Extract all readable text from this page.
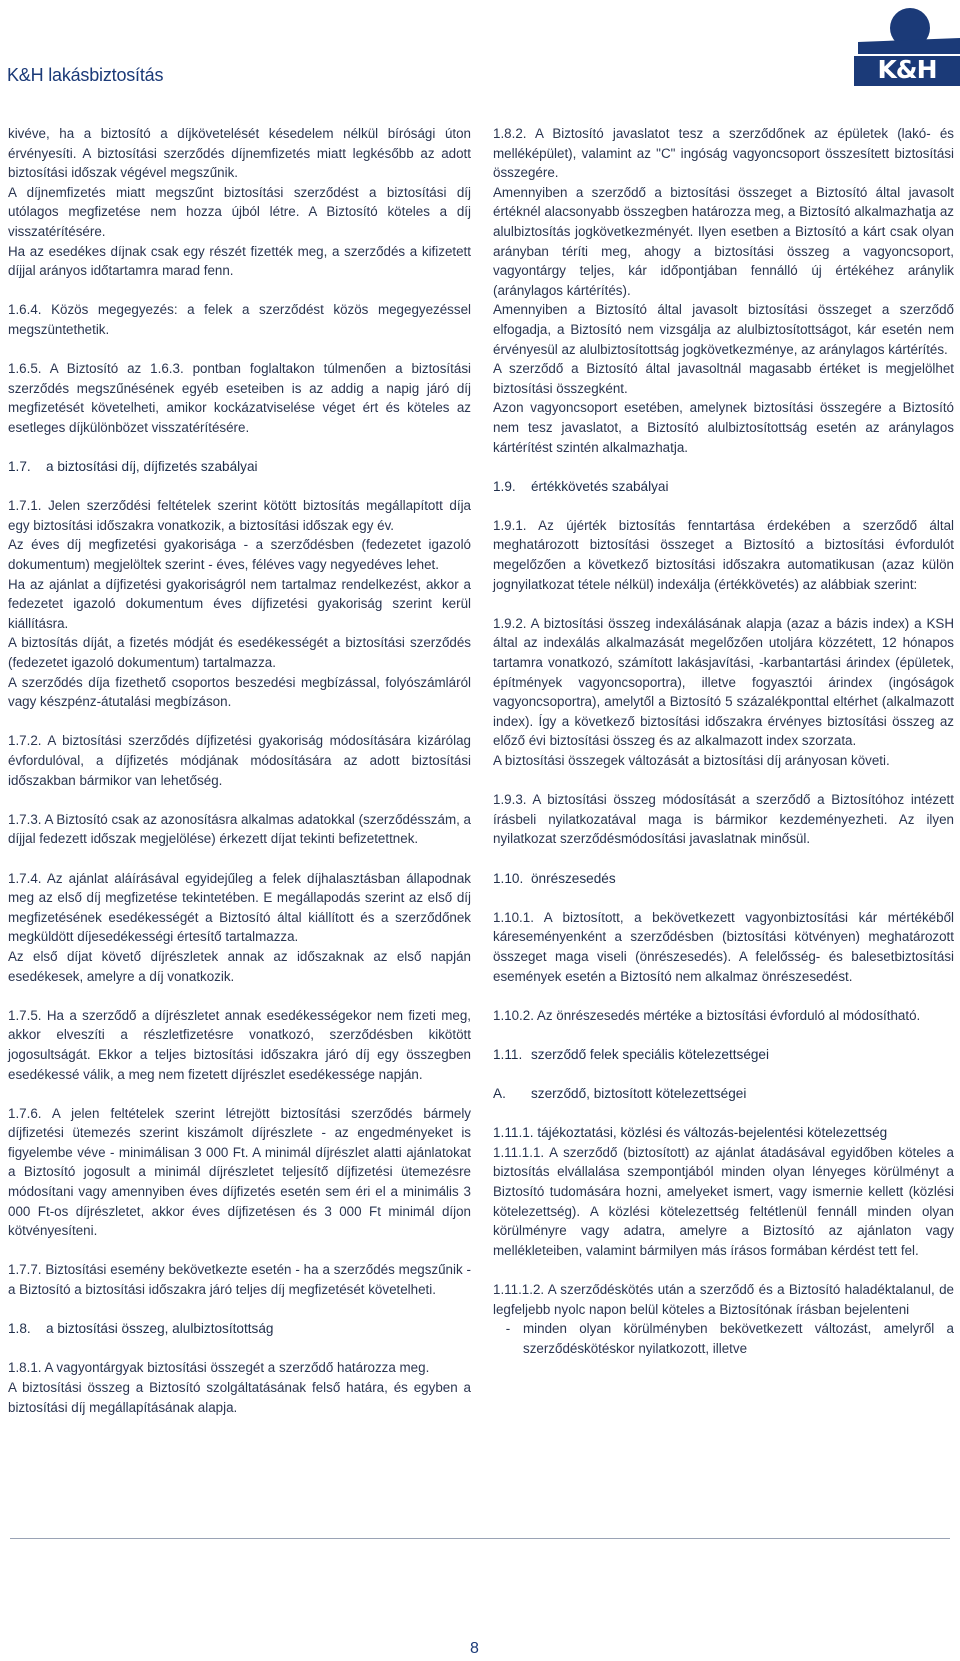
K&H lakásbiztosítás	K&H

kivéve, ha a biztosító a díjkövetelését késedelem nélkül bírósági úton érvényesíti. A biztosítási szerződés díjnemfizetés miatt legkésőbb az adott biztosítási időszak végével megszűnik.

A díjnemfizetés miatt megszűnt biztosítási szerződést a biztosítási díj utólagos megfizetése nem hozza újból létre. A Biztosító köteles a díj visszatérítésére.

Ha az esedékes díjnak csak egy részét fizették meg, a szerződés a kifizetett díjjal arányos időtartamra marad fenn.

1.6.4. Közös megegyezés: a felek a szerződést közös megegyezéssel megszüntethetik.

1.6.5. A Biztosító az 1.6.3. pontban foglaltakon túlmenően a biztosítási szerződés megszűnésének egyéb eseteiben is az addig a napig járó díj megfizetését követelheti, amikor kockázatviselése véget ért és köteles az esetleges díjkülönbözet visszatérítésére.

1.7. a biztosítási díj, díjfizetés szabályai

1.7.1. Jelen szerződési feltételek szerint kötött biztosítás megállapított díja egy biztosítási időszakra vonatkozik, a biztosítási időszak egy év.

Az éves díj megfizetési gyakorisága - a szerződésben (fedezetet igazoló dokumentum) megjelöltek szerint - éves, féléves vagy negyedéves lehet.

Ha az ajánlat a díjfizetési gyakoriságról nem tartalmaz rendelkezést, akkor a fedezetet igazoló dokumentum éves díjfizetési gyakoriság szerint kerül kiállításra.

A biztosítás díját, a fizetés módját és esedékességét a biztosítási szerződés (fedezetet igazoló dokumentum) tartalmazza.

A szerződés díja fizethető csoportos beszedési megbízással, folyószámláról vagy készpénz-átutalási megbízáson.

1.7.2. A biztosítási szerződés díjfizetési gyakoriság módosítására kizárólag évfordulóval, a díjfizetés módjának módosítására az adott biztosítási időszakban bármikor van lehetőség.

1.7.3. A Biztosító csak az azonosításra alkalmas adatokkal (szerződésszám, a díjjal fedezett időszak megjelölése) érkezett díjat tekinti befizetettnek.

1.7.4. Az ajánlat aláírásával egyidejűleg a felek díjhalasztásban állapodnak meg az első díj megfizetése tekintetében. E megállapodás szerint az első díj megfizetésének esedékességét a Biztosító által kiállított és a szerződőnek megküldött díjesedékességi értesítő tartalmazza.

Az első díjat követő díjrészletek annak az időszaknak az első napján esedékesek, amelyre a díj vonatkozik.

1.7.5. Ha a szerződő a díjrészletet annak esedékességekor nem fizeti meg, akkor elveszíti a részletfizetésre vonatkozó, szerződésben kikötött jogosultságát. Ekkor a teljes biztosítási időszakra járó díj egy összegben esedékessé válik, a meg nem fizetett díjrészlet esedékessége napján.

1.7.6. A jelen feltételek szerint létrejött biztosítási szerződés bármely díjfizetési ütemezés szerint kiszámolt díjrészlete - az engedményeket is figyelembe véve - minimálisan 3 000 Ft. A minimál díjrészlet alatti ajánlatokat a Biztosító jogosult a minimál díjrészletet teljesítő díjfizetési ütemezésre módosítani vagy amennyiben éves díjfizetés esetén sem éri el a minimális 3 000 Ft-os díjrészletet, akkor éves díjfizetésen és 3 000 Ft minimál díjon kötvényesíteni.

1.7.7. Biztosítási esemény bekövetkezte esetén - ha a szerződés megszűnik - a Biztosító a biztosítási időszakra járó teljes díj megfizetését követelheti.

1.8. a biztosítási összeg, alulbiztosítottság

1.8.1. A vagyontárgyak biztosítási összegét a szerződő határozza meg.

A biztosítási összeg a Biztosító szolgáltatásának felső határa, és egyben a biztosítási díj megállapításának alapja.

1.8.2. A Biztosító javaslatot tesz a szerződőnek az épületek (lakó- és melléképület), valamint az "C" ingóság vagyoncsoport összesített biztosítási összegére.

Amennyiben a szerződő a biztosítási összeget a Biztosító által javasolt értéknél alacsonyabb összegben határozza meg, a Biztosító alkalmazhatja az alulbiztosítás jogkövetkezményét. Ilyen esetben a Biztosító a kárt csak olyan arányban téríti meg, ahogy a biztosítási összeg a vagyoncsoport, vagyontárgy teljes, kár időpontjában fennálló új értékéhez aránylik (aránylagos kártérítés).

Amennyiben a Biztosító által javasolt biztosítási összeget a szerződő elfogadja, a Biztosító nem vizsgálja az alulbiztosítottságot, kár esetén nem érvényesül az alulbiztosítottság jogkövetkezménye, az aránylagos kártérítés.

A szerződő a Biztosító által javasoltnál magasabb értéket is megjelölhet biztosítási összegként.

Azon vagyoncsoport esetében, amelynek biztosítási összegére a Biztosító nem tesz javaslatot, a Biztosító alulbiztosítottság esetén az aránylagos kártérítést szintén alkalmazhatja.

1.9. értékkövetés szabályai

1.9.1. Az újérték biztosítás fenntartása érdekében a szerződő által meghatározott biztosítási összeget a Biztosító a biztosítási évfordulót megelőzően a következő biztosítási időszakra automatikusan (azaz külön jognyilatkozat tétele nélkül) indexálja (értékkövetés) az alábbiak szerint:

1.9.2. A biztosítási összeg indexálásának alapja (azaz a bázis index) a KSH által az indexálás alkalmazását megelőzően utoljára közzétett, 12 hónapos tartamra vonatkozó, számított lakásjavítási, -karbantartási árindex (épületek, építmények vagyoncsoportra), illetve fogyasztói árindex (ingóságok vagyoncsoportra), amelytől a Biztosító 5 százalékponttal eltérhet (alkalmazott index). Így a következő biztosítási időszakra érvényes biztosítási összeg az előző évi biztosítási összeg és az alkalmazott index szorzata.

A biztosítási összegek változását a biztosítási díj arányosan követi.

1.9.3. A biztosítási összeg módosítását a szerződő a Biztosítóhoz intézett írásbeli nyilatkozatával maga is bármikor kezdeményezheti. Az ilyen nyilatkozat szerződésmódosítási javaslatnak minősül.

1.10. önrészesedés

1.10.1. A biztosított, a bekövetkezett vagyonbiztosítási kár mértékéből káreseményenként a szerződésben (biztosítási kötvényen) meghatározott összeget maga viseli (önrészesedés). A felelősség- és balesetbiztosítási események esetén a Biztosító nem alkalmaz önrészesedést.

1.10.2. Az önrészesedés mértéke a biztosítási évforduló al módosítható.

1.11. szerződő felek speciális kötelezettségei
A. szerződő, biztosított kötelezettségei
1.11.1. tájékoztatási, közlési és változás-bejelentési kötelezettség

1.11.1.1. A szerződő (biztosított) az ajánlat átadásával egyidőben köteles a biztosítás elvállalása szempontjából minden olyan lényeges körülményt a Biztosító tudomására hozni, amelyeket ismert, vagy ismernie kellett (közlési kötelezettség). A közlési kötelezettség feltétlenül fennáll minden olyan körülményre vagy adatra, amelyre a Biztosító az ajánlaton vagy mellékleteiben, valamint bármilyen más írásos formában kérdést tett fel.

1.11.1.2. A szerződéskötés után a szerződő és a Biztosító haladéktalanul, de legfeljebb nyolc napon belül köteles a Biztosítónak írásban bejelenteni

- minden olyan körülményben bekövetkezett változást, amelyről a szerződéskötéskor nyilatkozott, illetve
8
